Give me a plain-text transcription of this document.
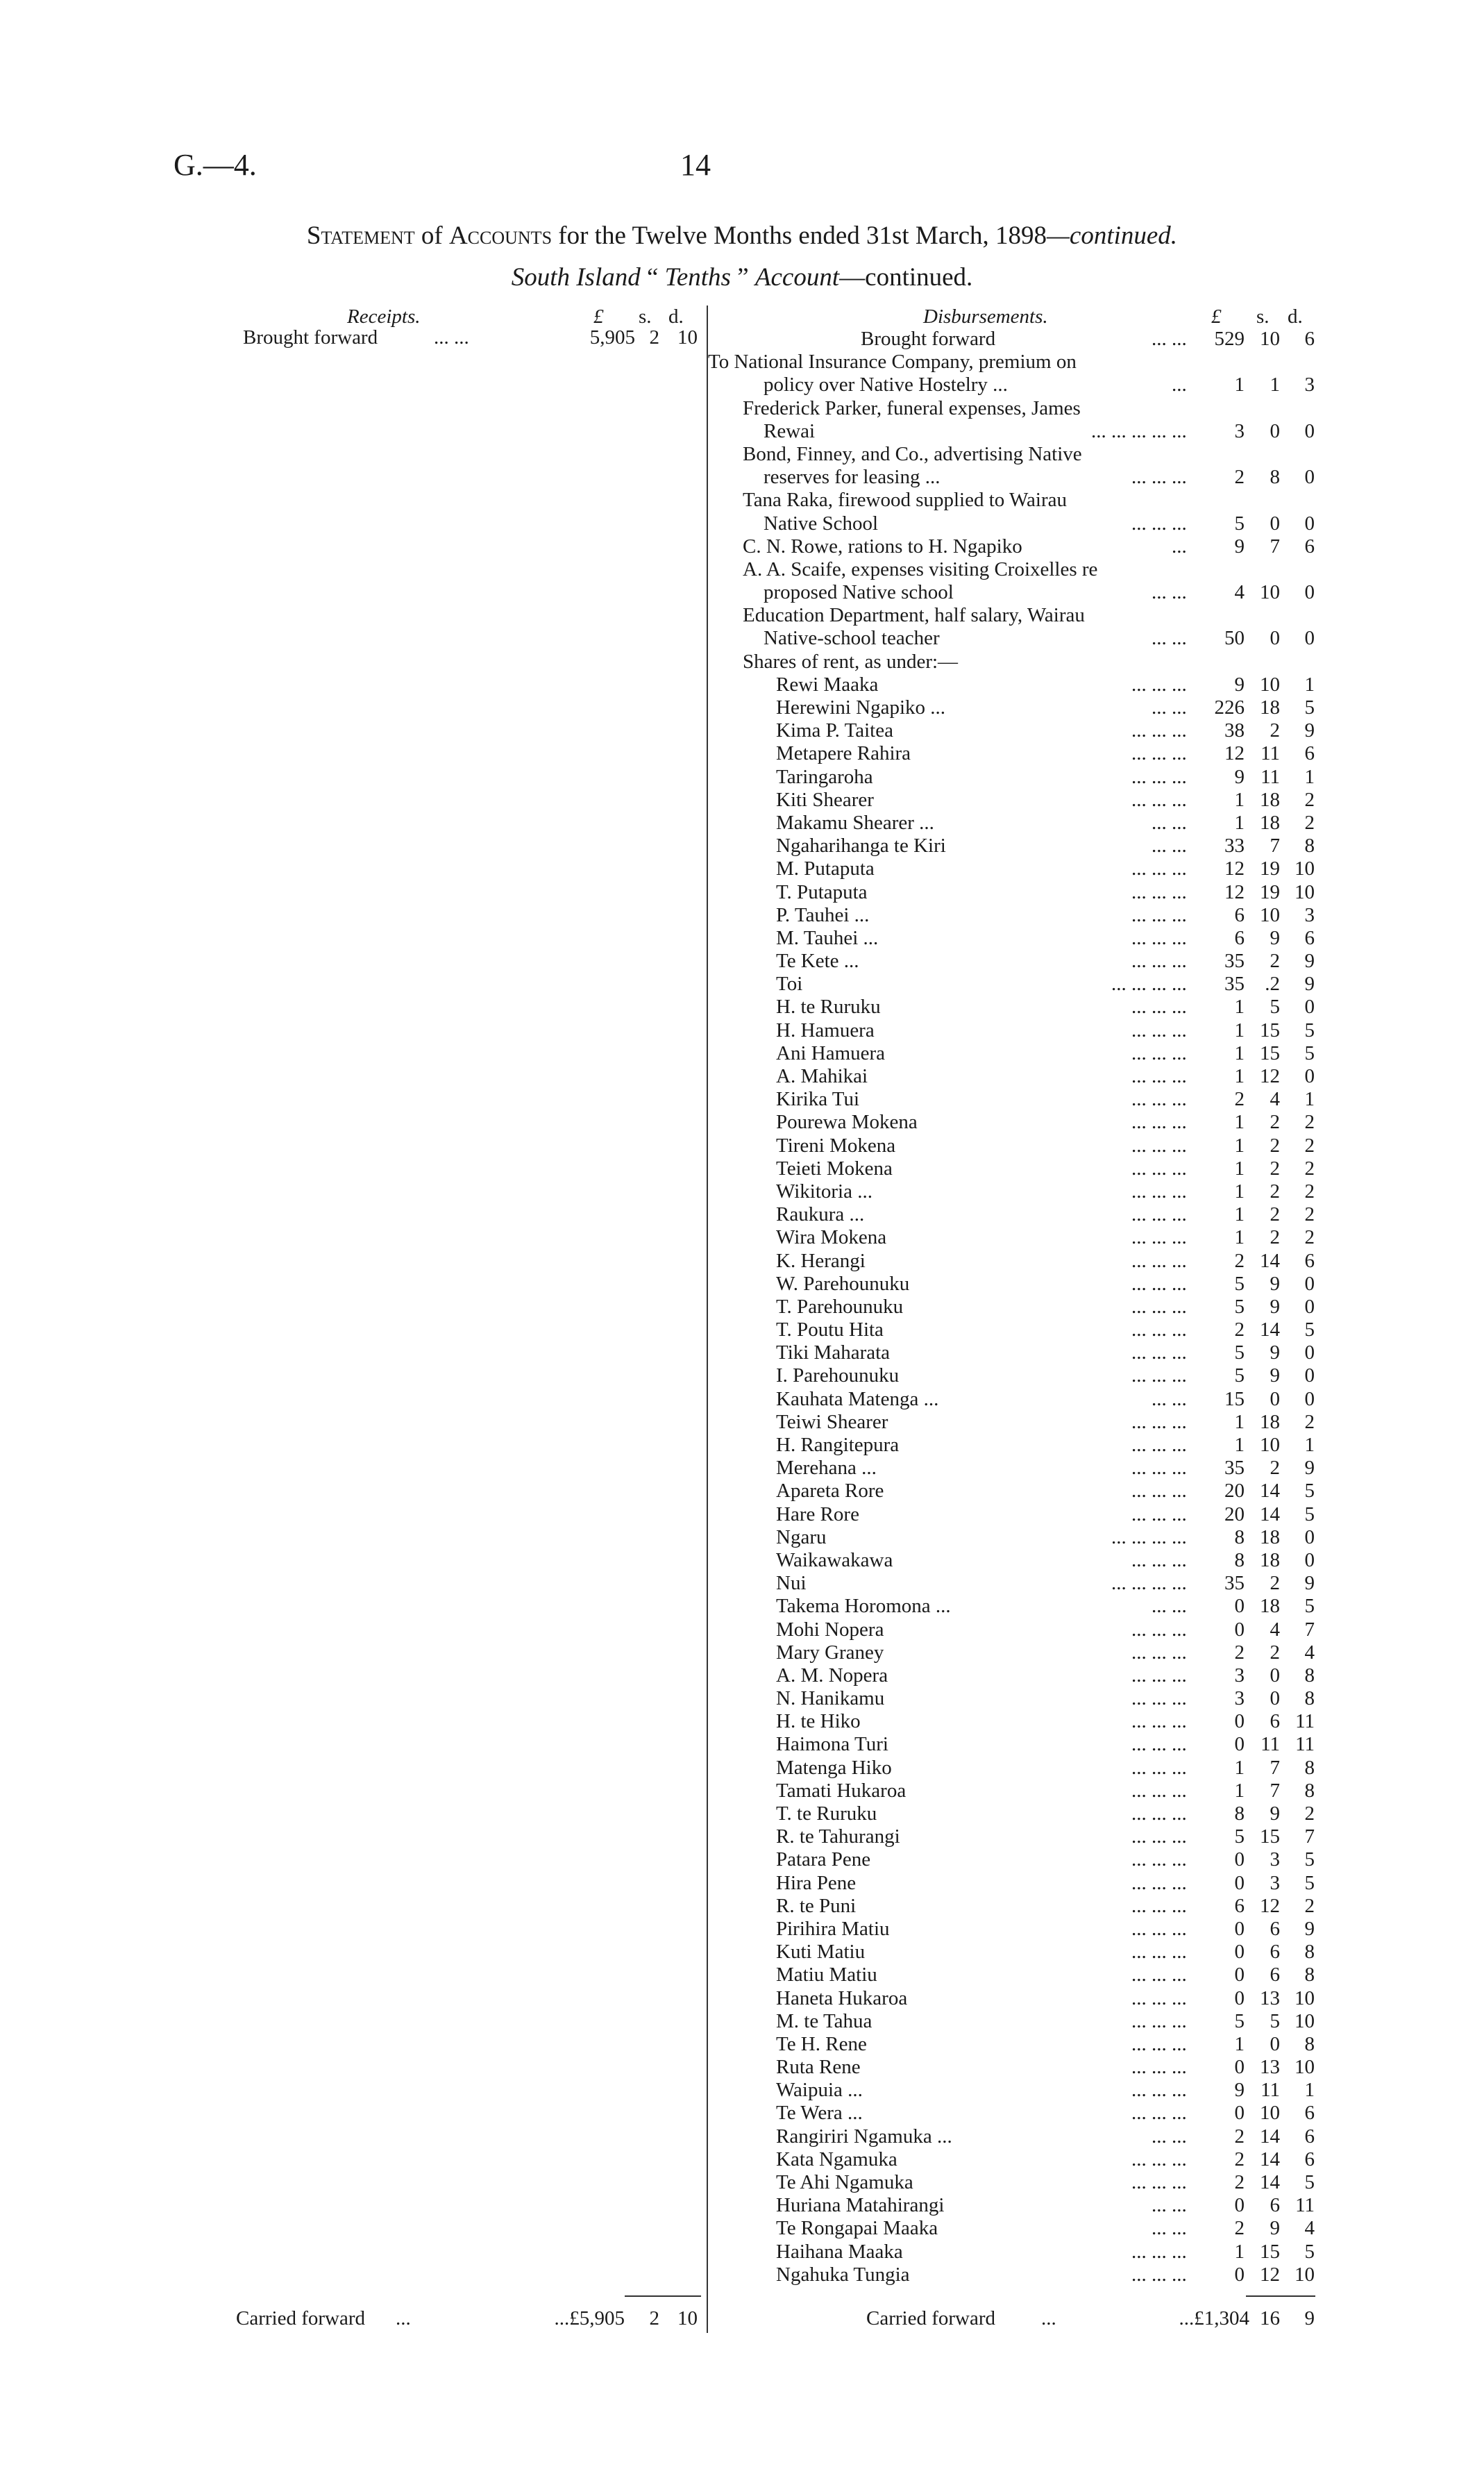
G.—4.	14
Statement of Accounts for the Twelve Months ended 31st March, 1898—continued.
South Island “ Tenths ” Account—continued.
Receipts.	£ s. d.	Disbursements.	£ s. d.
Brought forward	... ...	5,905 2 10	Brought forward	... ...	529 10	6
To National Insurance Company, premium on
policy over Native Hostelry ...	...	1	1	3
Frederick Parker, funeral expenses, James
Rewai	... ... ... ... ...	3	0	0
Bond, Finney, and Co., advertising Native
reserves for leasing ...	... ... ...	2	8	0
Tana Raka, firewood supplied to Wairau
Native School	... ... ...	5	0	0
C. N. Rowe, rations to H. Ngapiko	...	9	7	6
A. A. Scaife, expenses visiting Croixelles re
proposed Native school	... ...	4 10	0
Education Department, half salary, Wairau
Native-school teacher	... ...	50	0	0
Shares of rent, as under:—
Rewi Maaka	... ... ...	9 10	1
Herewini Ngapiko ...	... ...	226 18	5
Kima P. Taitea	... ... ...	38	2	9
Metapere Rahira	... ... ...	12 11	6
Taringaroha	... ... ...	9 11	1
Kiti Shearer	... ... ...	1 18	2
Makamu Shearer ...	... ...	1 18	2
Ngaharihanga te Kiri	... ...	33	7	8
M. Putaputa	... ... ...	12 19 10
T. Putaputa	... ... ...	12 19 10
P. Tauhei ...	... ... ...	6 10	3
M. Tauhei ...	... ... ...	6	9	6
Te Kete ...	... ... ...	35	2	9
Toi	... ... ... ...	35	.2	9
H. te Ruruku	... ... ...	1	5	0
H. Hamuera	... ... ...	1 15	5
Ani Hamuera	... ... ...	1 15	5
A. Mahikai	... ... ...	1 12	0
Kirika Tui	... ... ...	2	4	1
Pourewa Mokena	... ... ...	1	2	2
Tireni Mokena	... ... ...	1	2	2
Teieti Mokena	... ... ...	1	2	2
Wikitoria ...	... ... ...	1	2	2
Raukura ...	... ... ...	1	2	2
Wira Mokena	... ... ...	1	2	2
K. Herangi	... ... ...	2 14	6
W. Parehounuku	... ... ...	5	9	0
T. Parehounuku	... ... ...	5	9	0
T. Poutu Hita	... ... ...	2 14	5
Tiki Maharata	... ... ...	5	9	0
I. Parehounuku	... ... ...	5	9	0
Kauhata Matenga ...	... ...	15	0	0
Teiwi Shearer	... ... ...	1 18	2
H. Rangitepura	... ... ...	1 10	1
Merehana ...	... ... ...	35	2	9
Apareta Rore	... ... ...	20 14	5
Hare Rore	... ... ...	20 14	5
Ngaru	... ... ... ...	8 18	0
Waikawakawa	... ... ...	8 18	0
Nui	... ... ... ...	35	2	9
Takema Horomona ...	... ...	0 18	5
Mohi Nopera	... ... ...	0	4	7
Mary Graney	... ... ...	2	2	4
A. M. Nopera	... ... ...	3	0	8
N. Hanikamu	... ... ...	3	0	8
H. te Hiko	... ... ...	0	6 11
Haimona Turi	... ... ...	0 11 11
Matenga Hiko	... ... ...	1	7	8
Tamati Hukaroa	... ... ...	1	7	8
T. te Ruruku	... ... ...	8	9	2
R. te Tahurangi	... ... ...	5 15	7
Patara Pene	... ... ...	0	3	5
Hira Pene	... ... ...	0	3	5
R. te Puni	... ... ...	6 12	2
Pirihira Matiu	... ... ...	0	6	9
Kuti Matiu	... ... ...	0	6	8
Matiu Matiu	... ... ...	0	6	8
Haneta Hukaroa	... ... ...	0 13 10
M. te Tahua	... ... ...	5	5 10
Te H. Rene	... ... ...	1	0	8
Ruta Rene	... ... ...	0 13 10
Waipuia ...	... ... ...	9 11	1
Te Wera ...	... ... ...	0 10	6
Rangiriri Ngamuka ...	... ...	2 14	6
Kata Ngamuka	... ... ...	2 14	6
Te Ahi Ngamuka	... ... ...	2 14	5
Huriana Matahirangi	... ...	0	6 11
Te Rongapai Maaka	... ...	2	9	4
Haihana Maaka	... ... ...	1 15	5
Ngahuka Tungia	... ... ...	0 12 10
Carried forward ...	...£5,905	2 10	Carried forward ...	...£1,304 16	9
